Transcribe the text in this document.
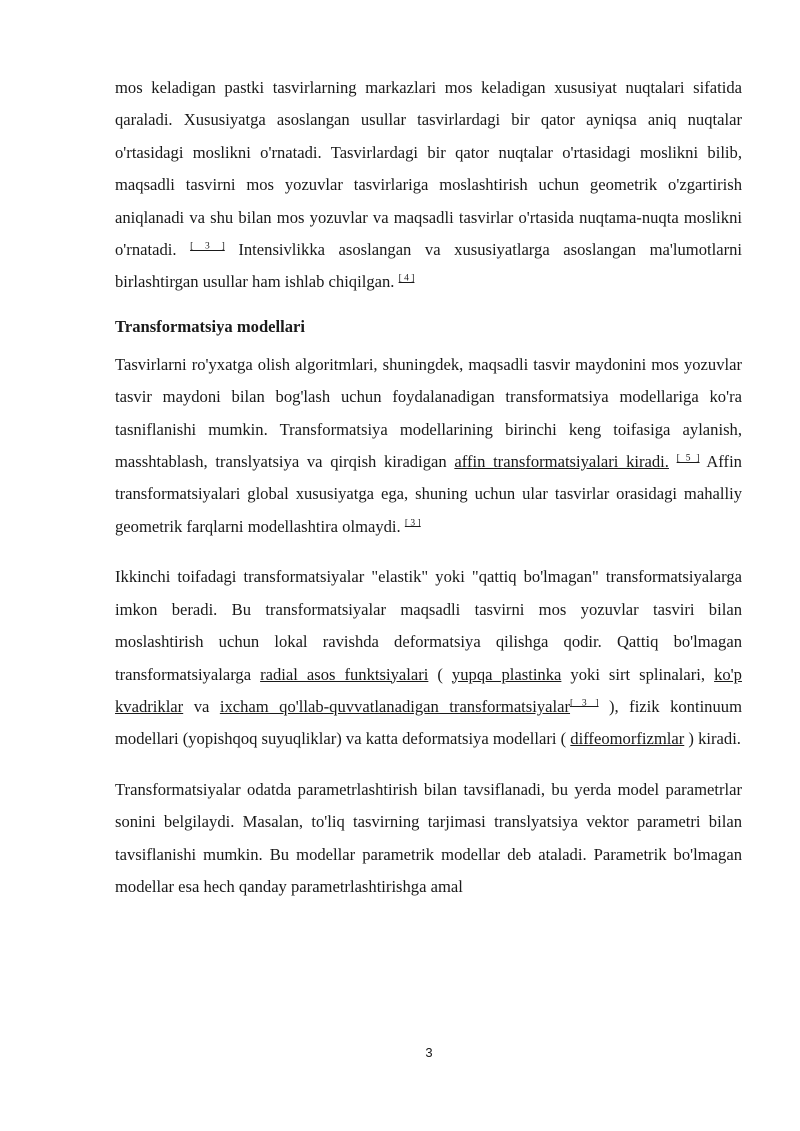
mos keladigan pastki tasvirlarning markazlari mos keladigan xususiyat nuqtalari sifatida qaraladi. Xususiyatga asoslangan usullar tasvirlardagi bir qator ayniqsa aniq nuqtalar o'rtasidagi moslikni o'rnatadi. Tasvirlardagi bir qator nuqtalar o'rtasidagi moslikni bilib, maqsadli tasvirni mos yozuvlar tasvirlariga moslashtirish uchun geometrik o'zgartirish aniqlanadi va shu bilan mos yozuvlar va maqsadli tasvirlar o'rtasida nuqtama-nuqta moslikni o'rnatadi. [ 3 ] Intensivlikka asoslangan va xususiyatlarga asoslangan ma'lumotlarni birlashtirgan usullar ham ishlab chiqilgan. [ 4 ]

Transformatsiya modellari

Tasvirlarni ro'yxatga olish algoritmlari, shuningdek, maqsadli tasvir maydonini mos yozuvlar tasvir maydoni bilan bog'lash uchun foydalanadigan transformatsiya modellariga ko'ra tasniflanishi mumkin. Transformatsiya modellarining birinchi keng toifasiga aylanish, masshtablash, translyatsiya va qirqish kiradigan affin transformatsiyalari kiradi. [ 5 ] Affin transformatsiyalari global xususiyatga ega, shuning uchun ular tasvirlar orasidagi mahalliy geometrik farqlarni modellashtira olmaydi. [ 3 ]

Ikkinchi toifadagi transformatsiyalar "elastik" yoki "qattiq bo'lmagan" transformatsiyalarga imkon beradi. Bu transformatsiyalar maqsadli tasvirni mos yozuvlar tasviri bilan moslashtirish uchun lokal ravishda deformatsiya qilishga qodir. Qattiq bo'lmagan transformatsiyalarga radial asos funktsiyalari ( yupqa plastinka yoki sirt splinalari, ko'p kvadriklar va ixcham qo'llab-quvvatlanadigan transformatsiyalar[ 3 ] ), fizik kontinuum modellari (yopishqoq suyuqliklar) va katta deformatsiya modellari ( diffeomorfizmlar ) kiradi.

Transformatsiyalar odatda parametrlashtirish bilan tavsiflanadi, bu yerda model parametrlar sonini belgilaydi. Masalan, to'liq tasvirning tarjimasi translyatsiya vektor parametri bilan tavsiflanishi mumkin. Bu modellar parametrik modellar deb ataladi. Parametrik bo'lmagan modellar esa hech qanday parametrlashtirishga amal

3
